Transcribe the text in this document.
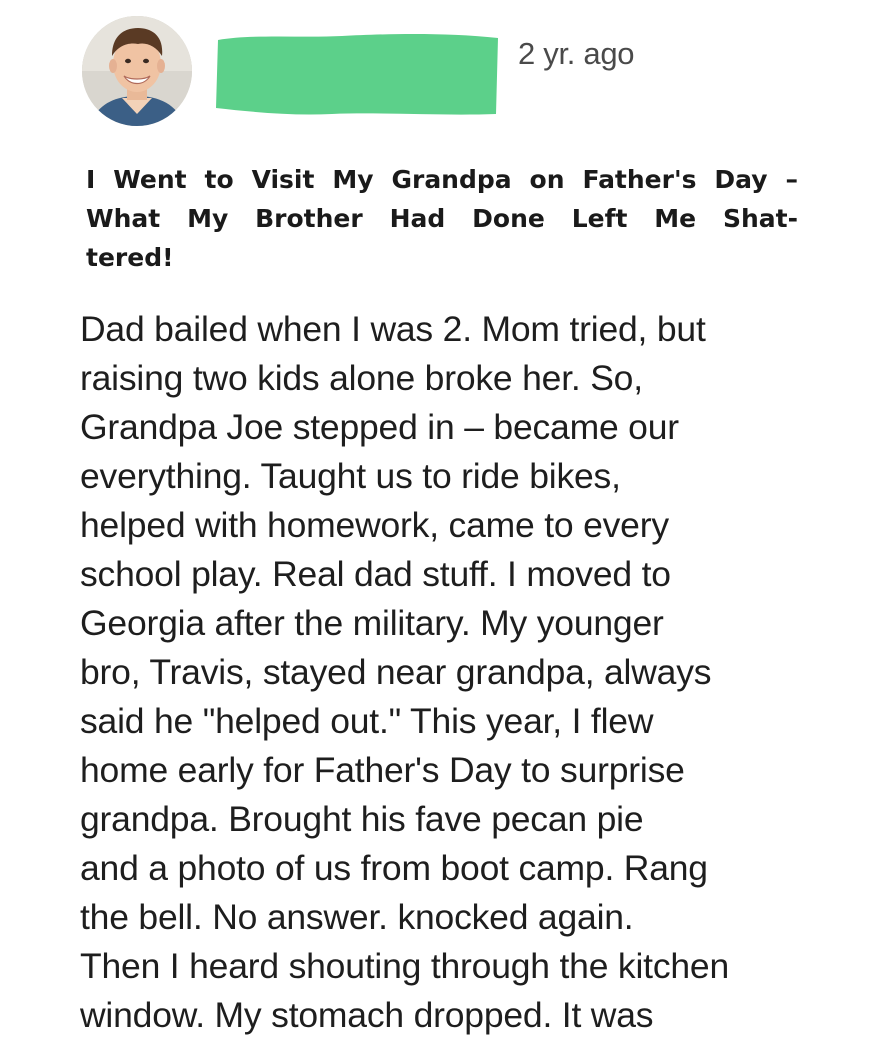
2 yr. ago
I Went to Visit My Grandpa on Father's Day –
What My Brother Had Done Left Me Shat-
tered!
Dad bailed when I was 2. Mom tried, but
raising two kids alone broke her. So,
Grandpa Joe stepped in – became our
everything. Taught us to ride bikes,
helped with homework, came to every
school play. Real dad stuff. I moved to
Georgia after the military. My younger
bro, Travis, stayed near grandpa, always
said he "helped out." This year, I flew
home early for Father's Day to surprise
grandpa. Brought his fave pecan pie
and a photo of us from boot camp. Rang
the bell. No answer. knocked again.
Then I heard shouting through the kitchen
window. My stomach dropped. It was
